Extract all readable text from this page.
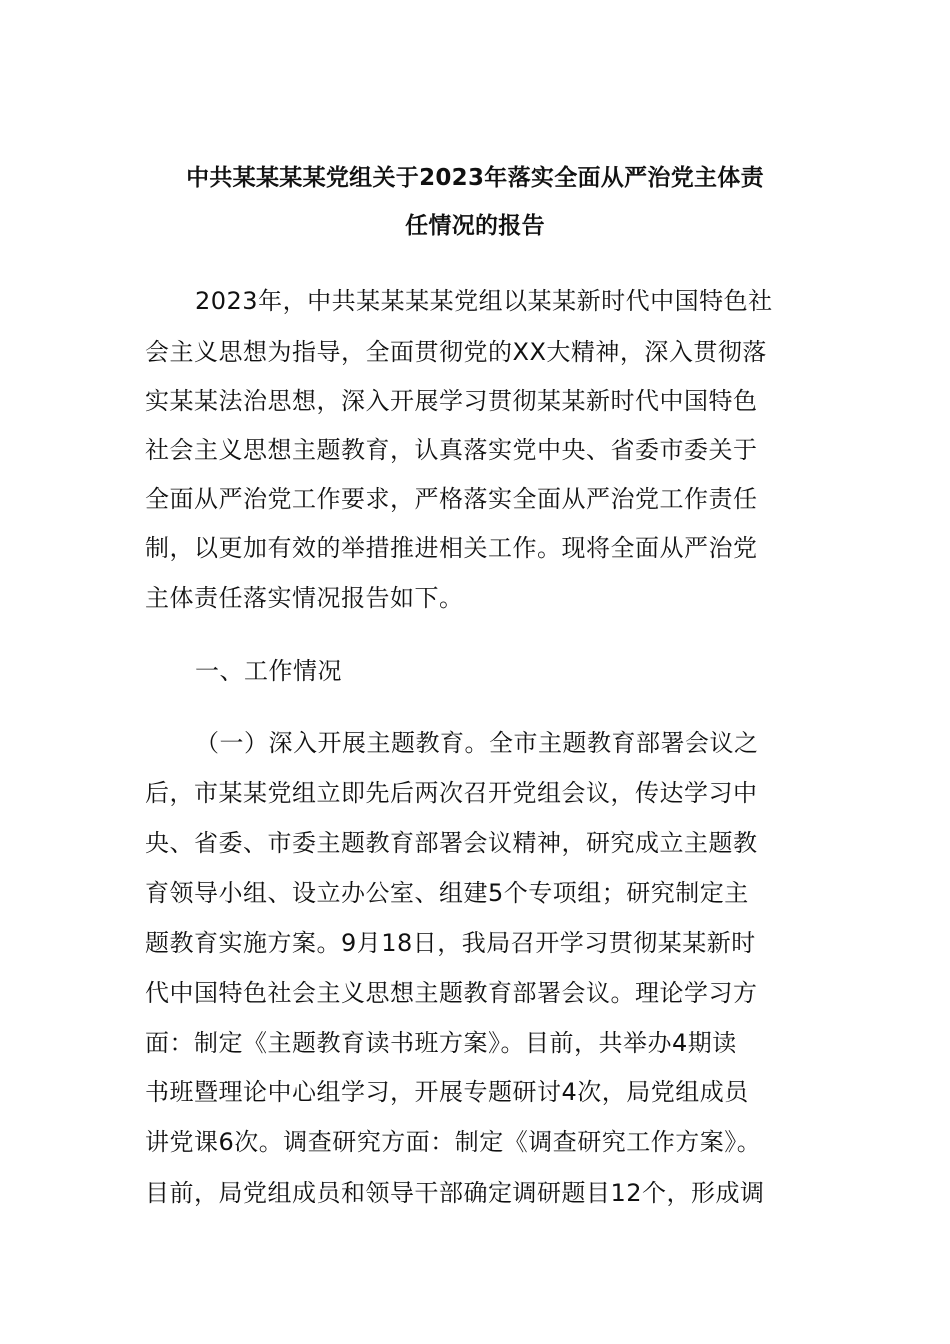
中共某某某某党组关于2023年落实全面从严治党主体责
任情况的报告
2023年，中共某某某某党组以某某新时代中国特色社
会主义思想为指导，全面贯彻党的XX大精神，深入贯彻落
实某某法治思想，深入开展学习贯彻某某新时代中国特色
社会主义思想主题教育，认真落实党中央、省委市委关于
全面从严治党工作要求，严格落实全面从严治党工作责任
制，以更加有效的举措推进相关工作。现将全面从严治党
主体责任落实情况报告如下。
一、工作情况
（一）深入开展主题教育。全市主题教育部署会议之
后，市某某党组立即先后两次召开党组会议，传达学习中
央、省委、市委主题教育部署会议精神，研究成立主题教
育领导小组、设立办公室、组建5个专项组；研究制定主
题教育实施方案。9月18日，我局召开学习贯彻某某新时
代中国特色社会主义思想主题教育部署会议。理论学习方
面：制定《主题教育读书班方案》。目前，共举办4期读
书班暨理论中心组学习，开展专题研讨4次，局党组成员
讲党课6次。调查研究方面：制定《调查研究工作方案》。
目前，局党组成员和领导干部确定调研题目12个，形成调
